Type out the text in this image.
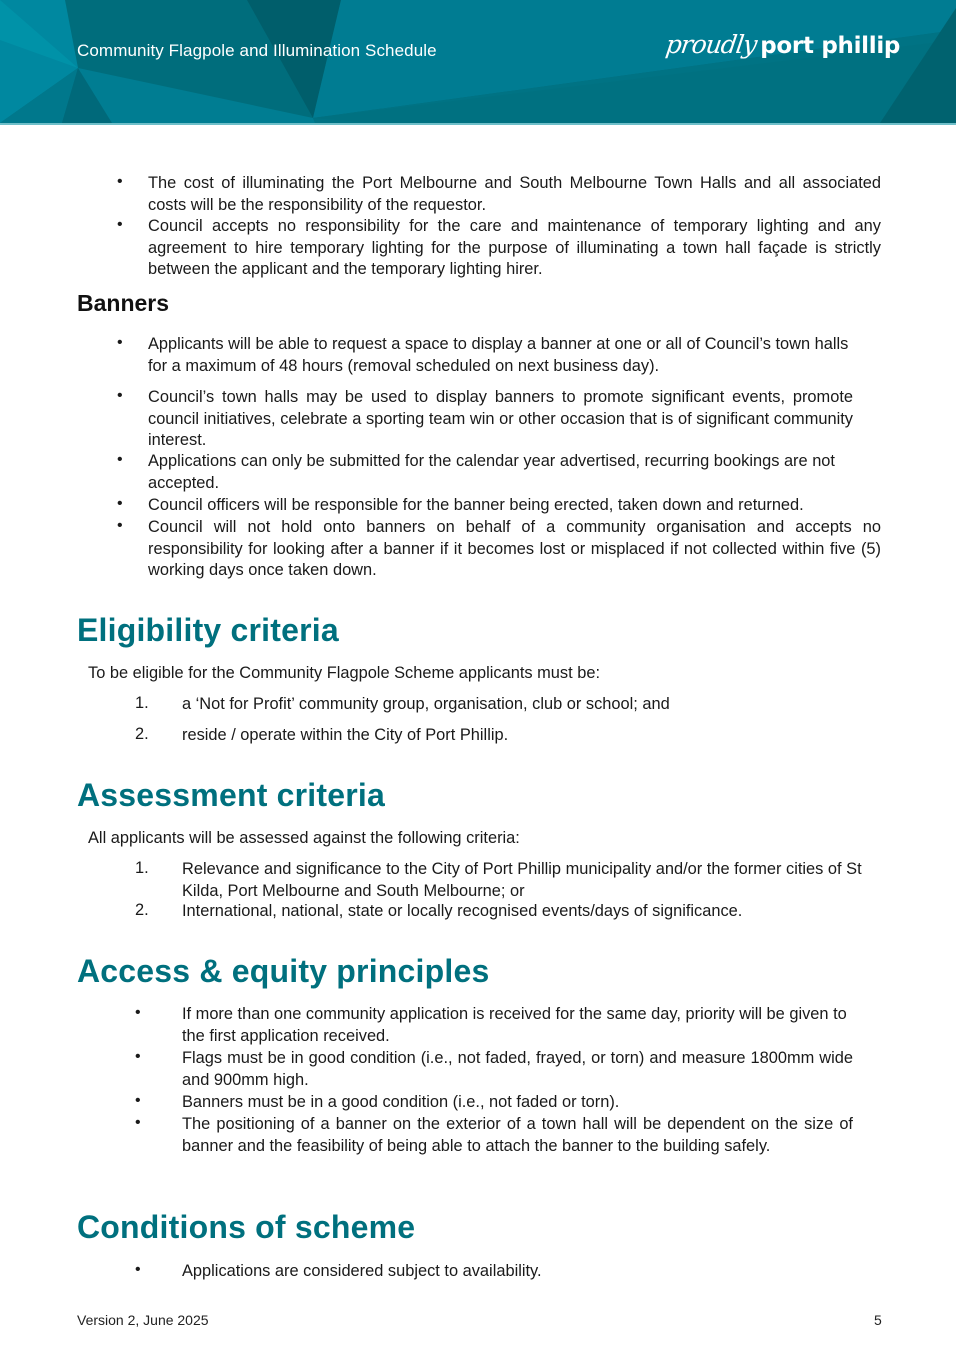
Community Flagpole and Illumination Schedule	proudlyport phillip
• The cost of illuminating the Port Melbourne and South Melbourne Town Halls and all associated costs will be the responsibility of the requestor.
• Council accepts no responsibility for the care and maintenance of temporary lighting and any agreement to hire temporary lighting for the purpose of illuminating a town hall façade is strictly between the applicant and the temporary lighting hirer.
Banners
• Applicants will be able to request a space to display a banner at one or all of Council’s town halls for a maximum of 48 hours (removal scheduled on next business day).
• Council’s town halls may be used to display banners to promote significant events, promote council initiatives, celebrate a sporting team win or other occasion that is of significant community interest.
• Applications can only be submitted for the calendar year advertised, recurring bookings are not accepted.
• Council officers will be responsible for the banner being erected, taken down and returned.
• Council will not hold onto banners on behalf of a community organisation and accepts no responsibility for looking after a banner if it becomes lost or misplaced if not collected within five (5) working days once taken down.
Eligibility criteria
To be eligible for the Community Flagpole Scheme applicants must be:
1. a ‘Not for Profit’ community group, organisation, club or school; and
2. reside / operate within the City of Port Phillip.
Assessment criteria
All applicants will be assessed against the following criteria:
1. Relevance and significance to the City of Port Phillip municipality and/or the former cities of St Kilda, Port Melbourne and South Melbourne; or
2. International, national, state or locally recognised events/days of significance.
Access & equity principles
•	If more than one community application is received for the same day, priority will be given to the first application received.
•	Flags must be in good condition (i.e., not faded, frayed, or torn) and measure 1800mm wide and 900mm high.
•	Banners must be in a good condition (i.e., not faded or torn).
•	The positioning of a banner on the exterior of a town hall will be dependent on the size of banner and the feasibility of being able to attach the banner to the building safely.
Conditions of scheme
•	Applications are considered subject to availability.
Version 2, June 2025	5
